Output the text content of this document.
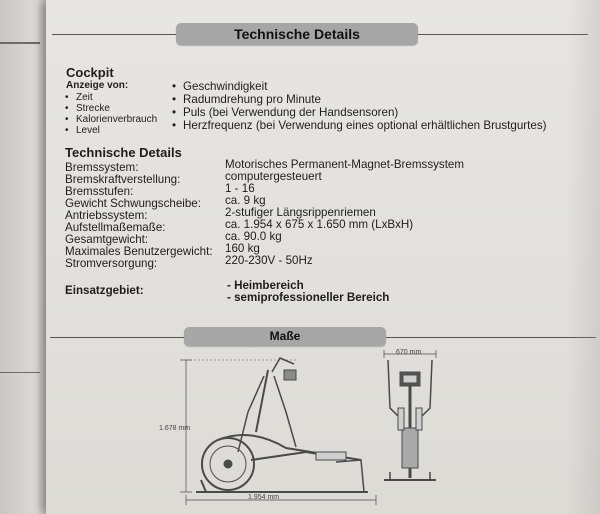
Technische Details
Cockpit
Anzeige von:
• Zeit
• Strecke
• Kalorienverbrauch
• Level
• Geschwindigkeit
• Radumdrehung pro Minute
• Puls (bei Verwendung der Handsensoren)
• Herzfrequenz (bei Verwendung eines optional erhältlichen Brustgurtes)
Technische Details
Bremssystem:	Motorisches Permanent-Magnet-Bremssystem
Bremskraftverstellung:	computergesteuert
Bremsstufen:	1 - 16
Gewicht Schwungscheibe: ca. 9 kg
Antriebssystem:	2-stufiger Längsrippenriemen
Aufstellmaßemaße:	ca. 1.954 x 675 x 1.650 mm (LxBxH)
Gesamtgewicht:	ca. 90.0 kg
Maximales Benutzergewicht: 160 kg
Stromversorgung:	220-230V - 50Hz
Einsatzgebiet:	- Heimbereich
- semiprofessioneller Bereich
Maße
1.678 mm
1.954 mm
670 mm
